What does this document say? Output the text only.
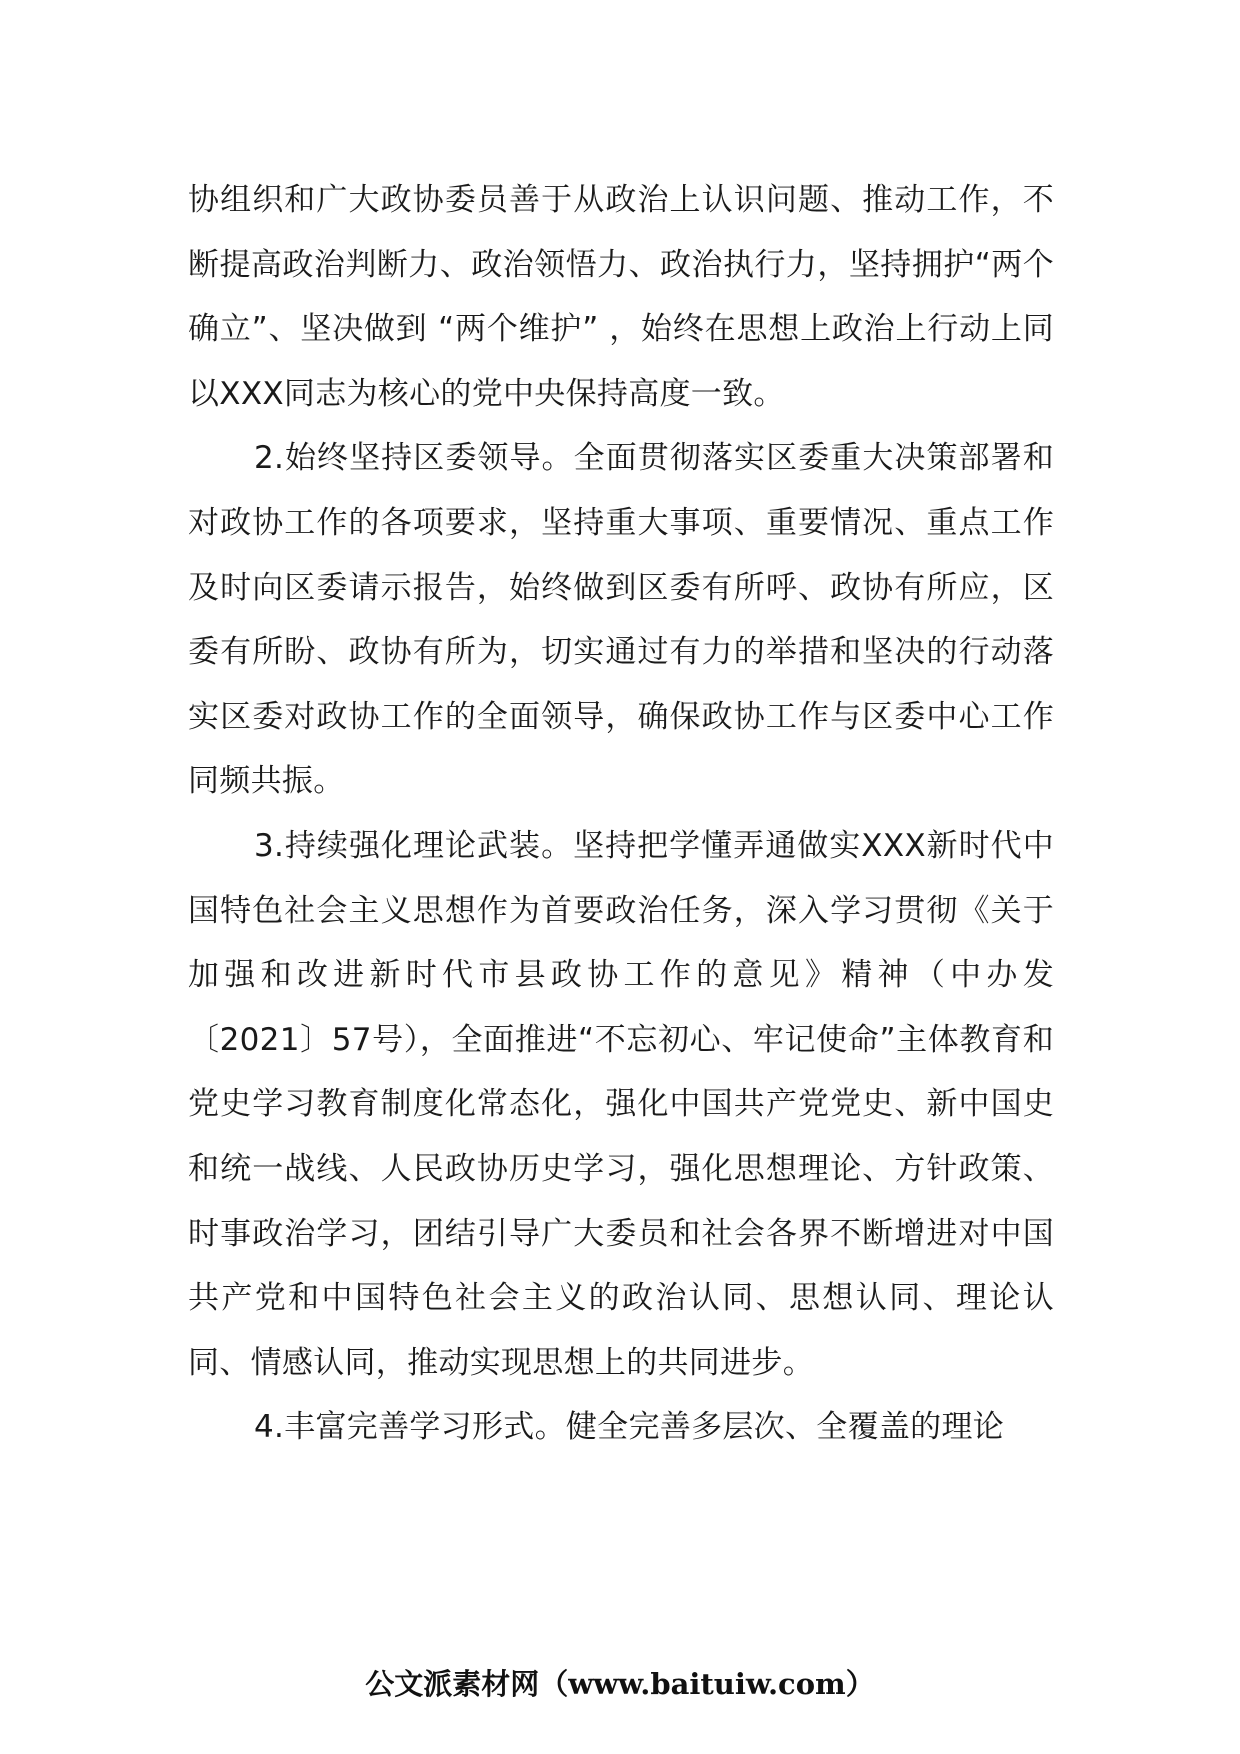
协组织和广大政协委员善于从政治上认识问题、推动工作，不断提高政治判断力、政治领悟力、政治执行力，坚持拥护“两个确立”、坚决做到 “两个维护” ，始终在思想上政治上行动上同以XXX同志为核心的党中央保持高度一致。

2.始终坚持区委领导。全面贯彻落实区委重大决策部署和对政协工作的各项要求，坚持重大事项、重要情况、重点工作及时向区委请示报告，始终做到区委有所呼、政协有所应，区委有所盼、政协有所为，切实通过有力的举措和坚决的行动落实区委对政协工作的全面领导，确保政协工作与区委中心工作同频共振。

3.持续强化理论武装。坚持把学懂弄通做实XXX新时代中国特色社会主义思想作为首要政治任务，深入学习贯彻《关于加强和改进新时代市县政协工作的意见》精神（中办发〔2021〕57号），全面推进“不忘初心、牢记使命”主体教育和党史学习教育制度化常态化，强化中国共产党党史、新中国史和统一战线、人民政协历史学习，强化思想理论、方针政策、时事政治学习，团结引导广大委员和社会各界不断增进对中国共产党和中国特色社会主义的政治认同、思想认同、理论认同、情感认同，推动实现思想上的共同进步。

4.丰富完善学习形式。健全完善多层次、全覆盖的理论

公文派素材网（www.baituiw.com）
